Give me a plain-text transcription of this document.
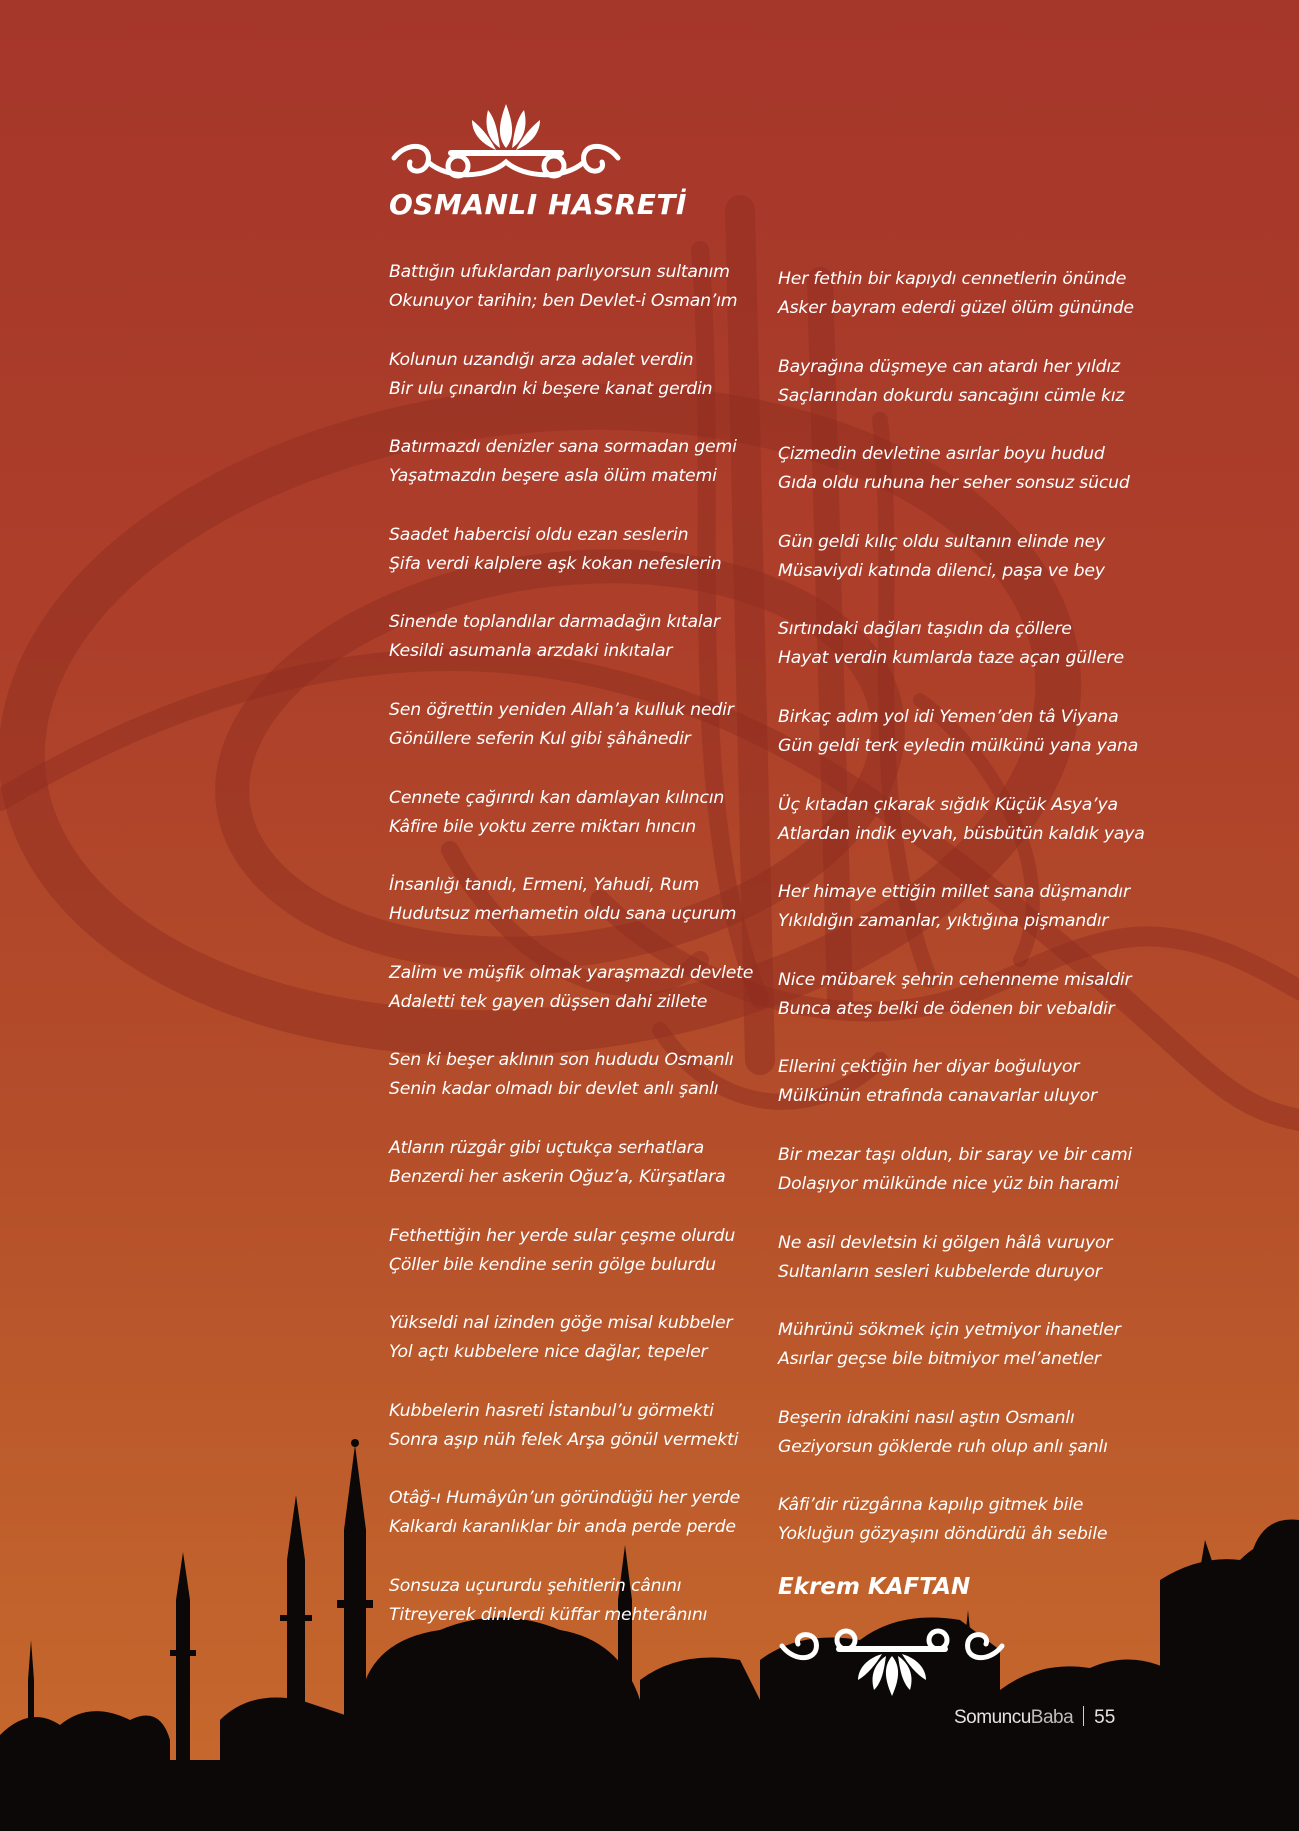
OSMANLI HASRETİ
Battığın ufuklardan parlıyorsun sultanım
Okunuyor tarihin; ben Devlet-i Osman’ım
Kolunun uzandığı arza adalet verdin
Bir ulu çınardın ki beşere kanat gerdin
Batırmazdı denizler sana sormadan gemi
Yaşatmazdın beşere asla ölüm matemi
Saadet habercisi oldu ezan seslerin
Şifa verdi kalplere aşk kokan nefeslerin
Sinende toplandılar darmadağın kıtalar
Kesildi asumanla arzdaki inkıtalar
Sen öğrettin yeniden Allah’a kulluk nedir
Gönüllere seferin Kul gibi şâhânedir
Cennete çağırırdı kan damlayan kılıncın
Kâfire bile yoktu zerre miktarı hıncın
İnsanlığı tanıdı, Ermeni, Yahudi, Rum
Hudutsuz merhametin oldu sana uçurum
Zalim ve müşfik olmak yaraşmazdı devlete
Adaletti tek gayen düşsen dahi zillete
Sen ki beşer aklının son hududu Osmanlı
Senin kadar olmadı bir devlet anlı şanlı
Atların rüzgâr gibi uçtukça serhatlara
Benzerdi her askerin Oğuz’a, Kürşatlara
Fethettiğin her yerde sular çeşme olurdu
Çöller bile kendine serin gölge bulurdu
Yükseldi nal izinden göğe misal kubbeler
Yol açtı kubbelere nice dağlar, tepeler
Kubbelerin hasreti İstanbul’u görmekti
Sonra aşıp nüh felek Arşa gönül vermekti
Otâğ-ı Humâyûn’un göründüğü her yerde
Kalkardı karanlıklar bir anda perde perde
Sonsuza uçururdu şehitlerin cânını
Titreyerek dinlerdi küffar mehterânını
Her fethin bir kapıydı cennetlerin önünde
Asker bayram ederdi güzel ölüm gününde
Bayrağına düşmeye can atardı her yıldız
Saçlarından dokurdu sancağını cümle kız
Çizmedin devletine asırlar boyu hudud
Gıda oldu ruhuna her seher sonsuz sücud
Gün geldi kılıç oldu sultanın elinde ney
Müsaviydi katında dilenci, paşa ve bey
Sırtındaki dağları taşıdın da çöllere
Hayat verdin kumlarda taze açan güllere
Birkaç adım yol idi Yemen’den tâ Viyana
Gün geldi terk eyledin mülkünü yana yana
Üç kıtadan çıkarak sığdık Küçük Asya’ya
Atlardan indik eyvah, büsbütün kaldık yaya
Her himaye ettiğin millet sana düşmandır
Yıkıldığın zamanlar, yıktığına pişmandır
Nice mübarek şehrin cehenneme misaldir
Bunca ateş belki de ödenen bir vebaldir
Ellerini çektiğin her diyar boğuluyor
Mülkünün etrafında canavarlar uluyor
Bir mezar taşı oldun, bir saray ve bir cami
Dolaşıyor mülkünde nice yüz bin harami
Ne asil devletsin ki gölgen hâlâ vuruyor
Sultanların sesleri kubbelerde duruyor
Mührünü sökmek için yetmiyor ihanetler
Asırlar geçse bile bitmiyor mel’anetler
Beşerin idrakini nasıl aştın Osmanlı
Geziyorsun göklerde ruh olup anlı şanlı
Kâfi’dir rüzgârına kapılıp gitmek bile
Yokluğun gözyaşını döndürdü âh sebile
Ekrem KAFTAN
SomuncuBaba 55
